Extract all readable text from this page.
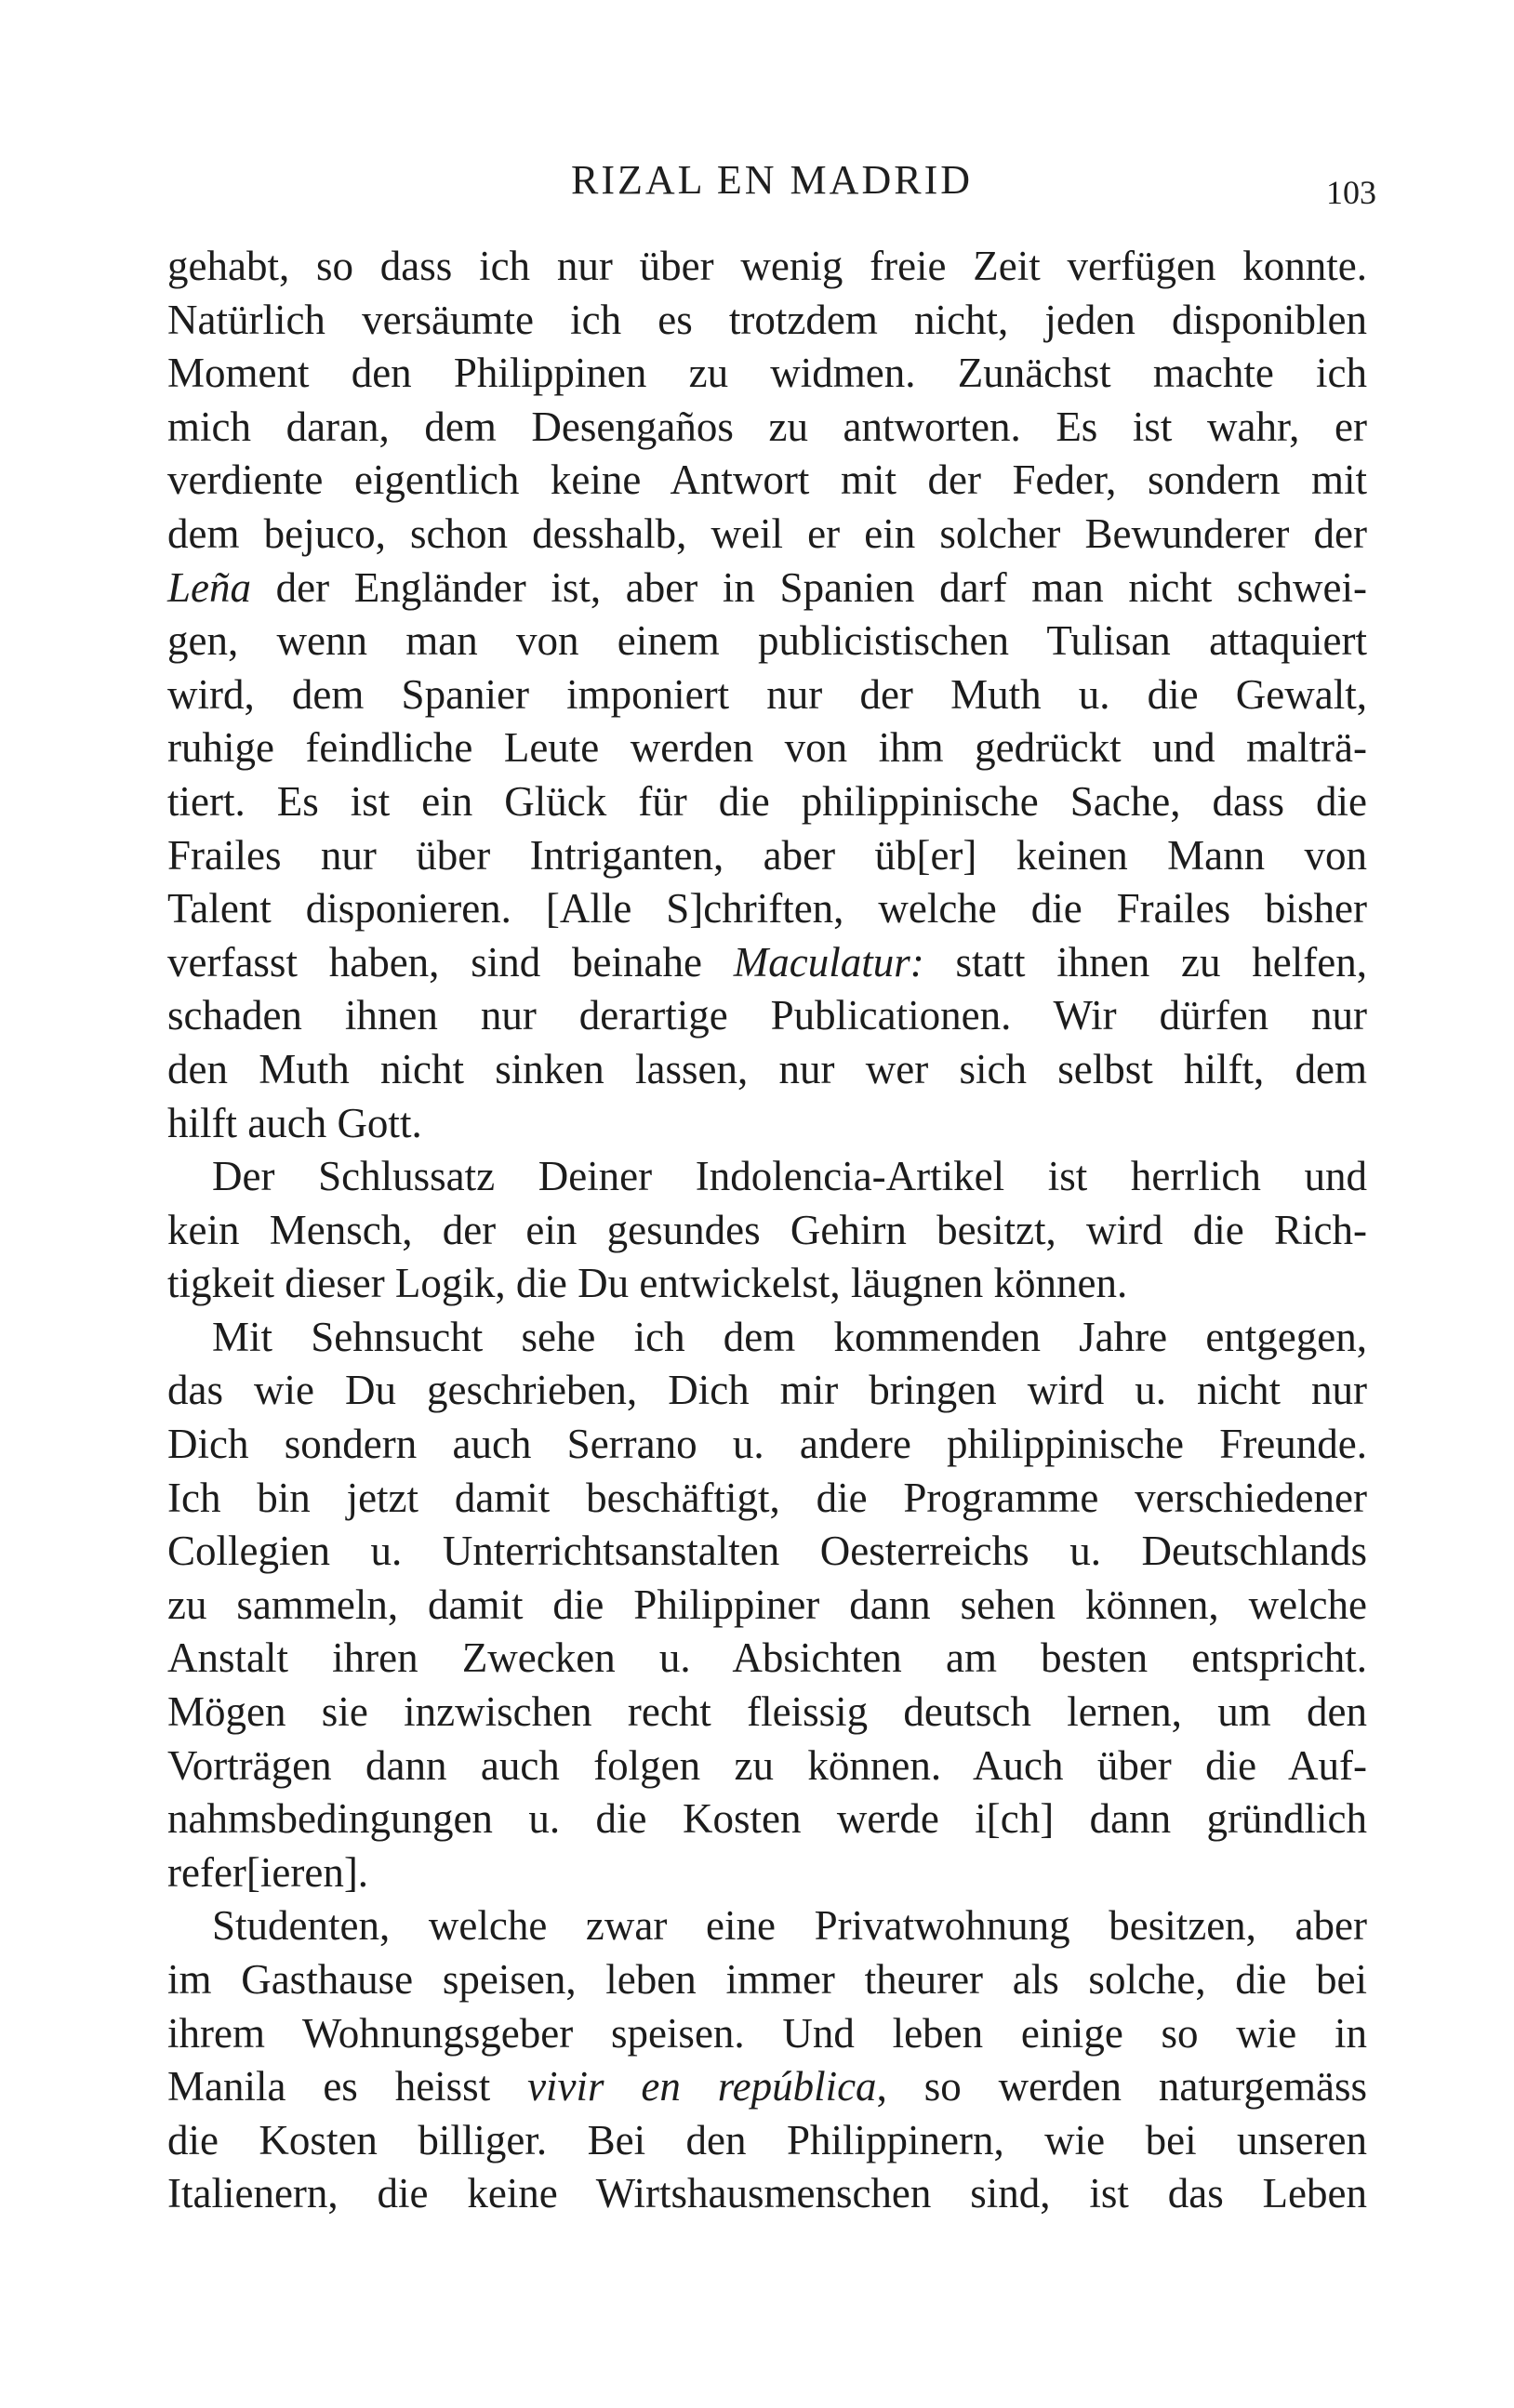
RIZAL EN MADRID	103
gehabt, so dass ich nur über wenig freie Zeit verfügen konnte.
Natürlich versäumte ich es trotzdem nicht, jeden disponiblen
Moment den Philippinen zu widmen. Zunächst machte ich
mich daran, dem Desengaños zu antworten. Es ist wahr, er
verdiente eigentlich keine Antwort mit der Feder, sondern mit
dem bejuco, schon desshalb, weil er ein solcher Bewunderer der
Leña der Engländer ist, aber in Spanien darf man nicht schwei-
gen, wenn man von einem publicistischen Tulisan attaquiert
wird, dem Spanier imponiert nur der Muth u. die Gewalt,
ruhige feindliche Leute werden von ihm gedrückt und malträ-
tiert. Es ist ein Glück für die philippinische Sache, dass die
Frailes nur über Intriganten, aber üb[er] keinen Mann von
Talent disponieren. [Alle S]chriften, welche die Frailes bisher
verfasst haben, sind beinahe Maculatur: statt ihnen zu helfen,
schaden ihnen nur derartige Publicationen. Wir dürfen nur
den Muth nicht sinken lassen, nur wer sich selbst hilft, dem
hilft auch Gott.
Der Schlussatz Deiner Indolencia-Artikel ist herrlich und
kein Mensch, der ein gesundes Gehirn besitzt, wird die Rich-
tigkeit dieser Logik, die Du entwickelst, läugnen können.
Mit Sehnsucht sehe ich dem kommenden Jahre entgegen,
das wie Du geschrieben, Dich mir bringen wird u. nicht nur
Dich sondern auch Serrano u. andere philippinische Freunde.
Ich bin jetzt damit beschäftigt, die Programme verschiedener
Collegien u. Unterrichtsanstalten Oesterreichs u. Deutschlands
zu sammeln, damit die Philippiner dann sehen können, welche
Anstalt ihren Zwecken u. Absichten am besten entspricht.
Mögen sie inzwischen recht fleissig deutsch lernen, um den
Vorträgen dann auch folgen zu können. Auch über die Auf-
nahmsbedingungen u. die Kosten werde i[ch] dann gründlich
refer[ieren].
Studenten, welche zwar eine Privatwohnung besitzen, aber
im Gasthause speisen, leben immer theurer als solche, die bei
ihrem Wohnungsgeber speisen. Und leben einige so wie in
Manila es heisst vivir en república, so werden naturgemäss
die Kosten billiger. Bei den Philippinern, wie bei unseren
Italienern, die keine Wirtshausmenschen sind, ist das Leben
